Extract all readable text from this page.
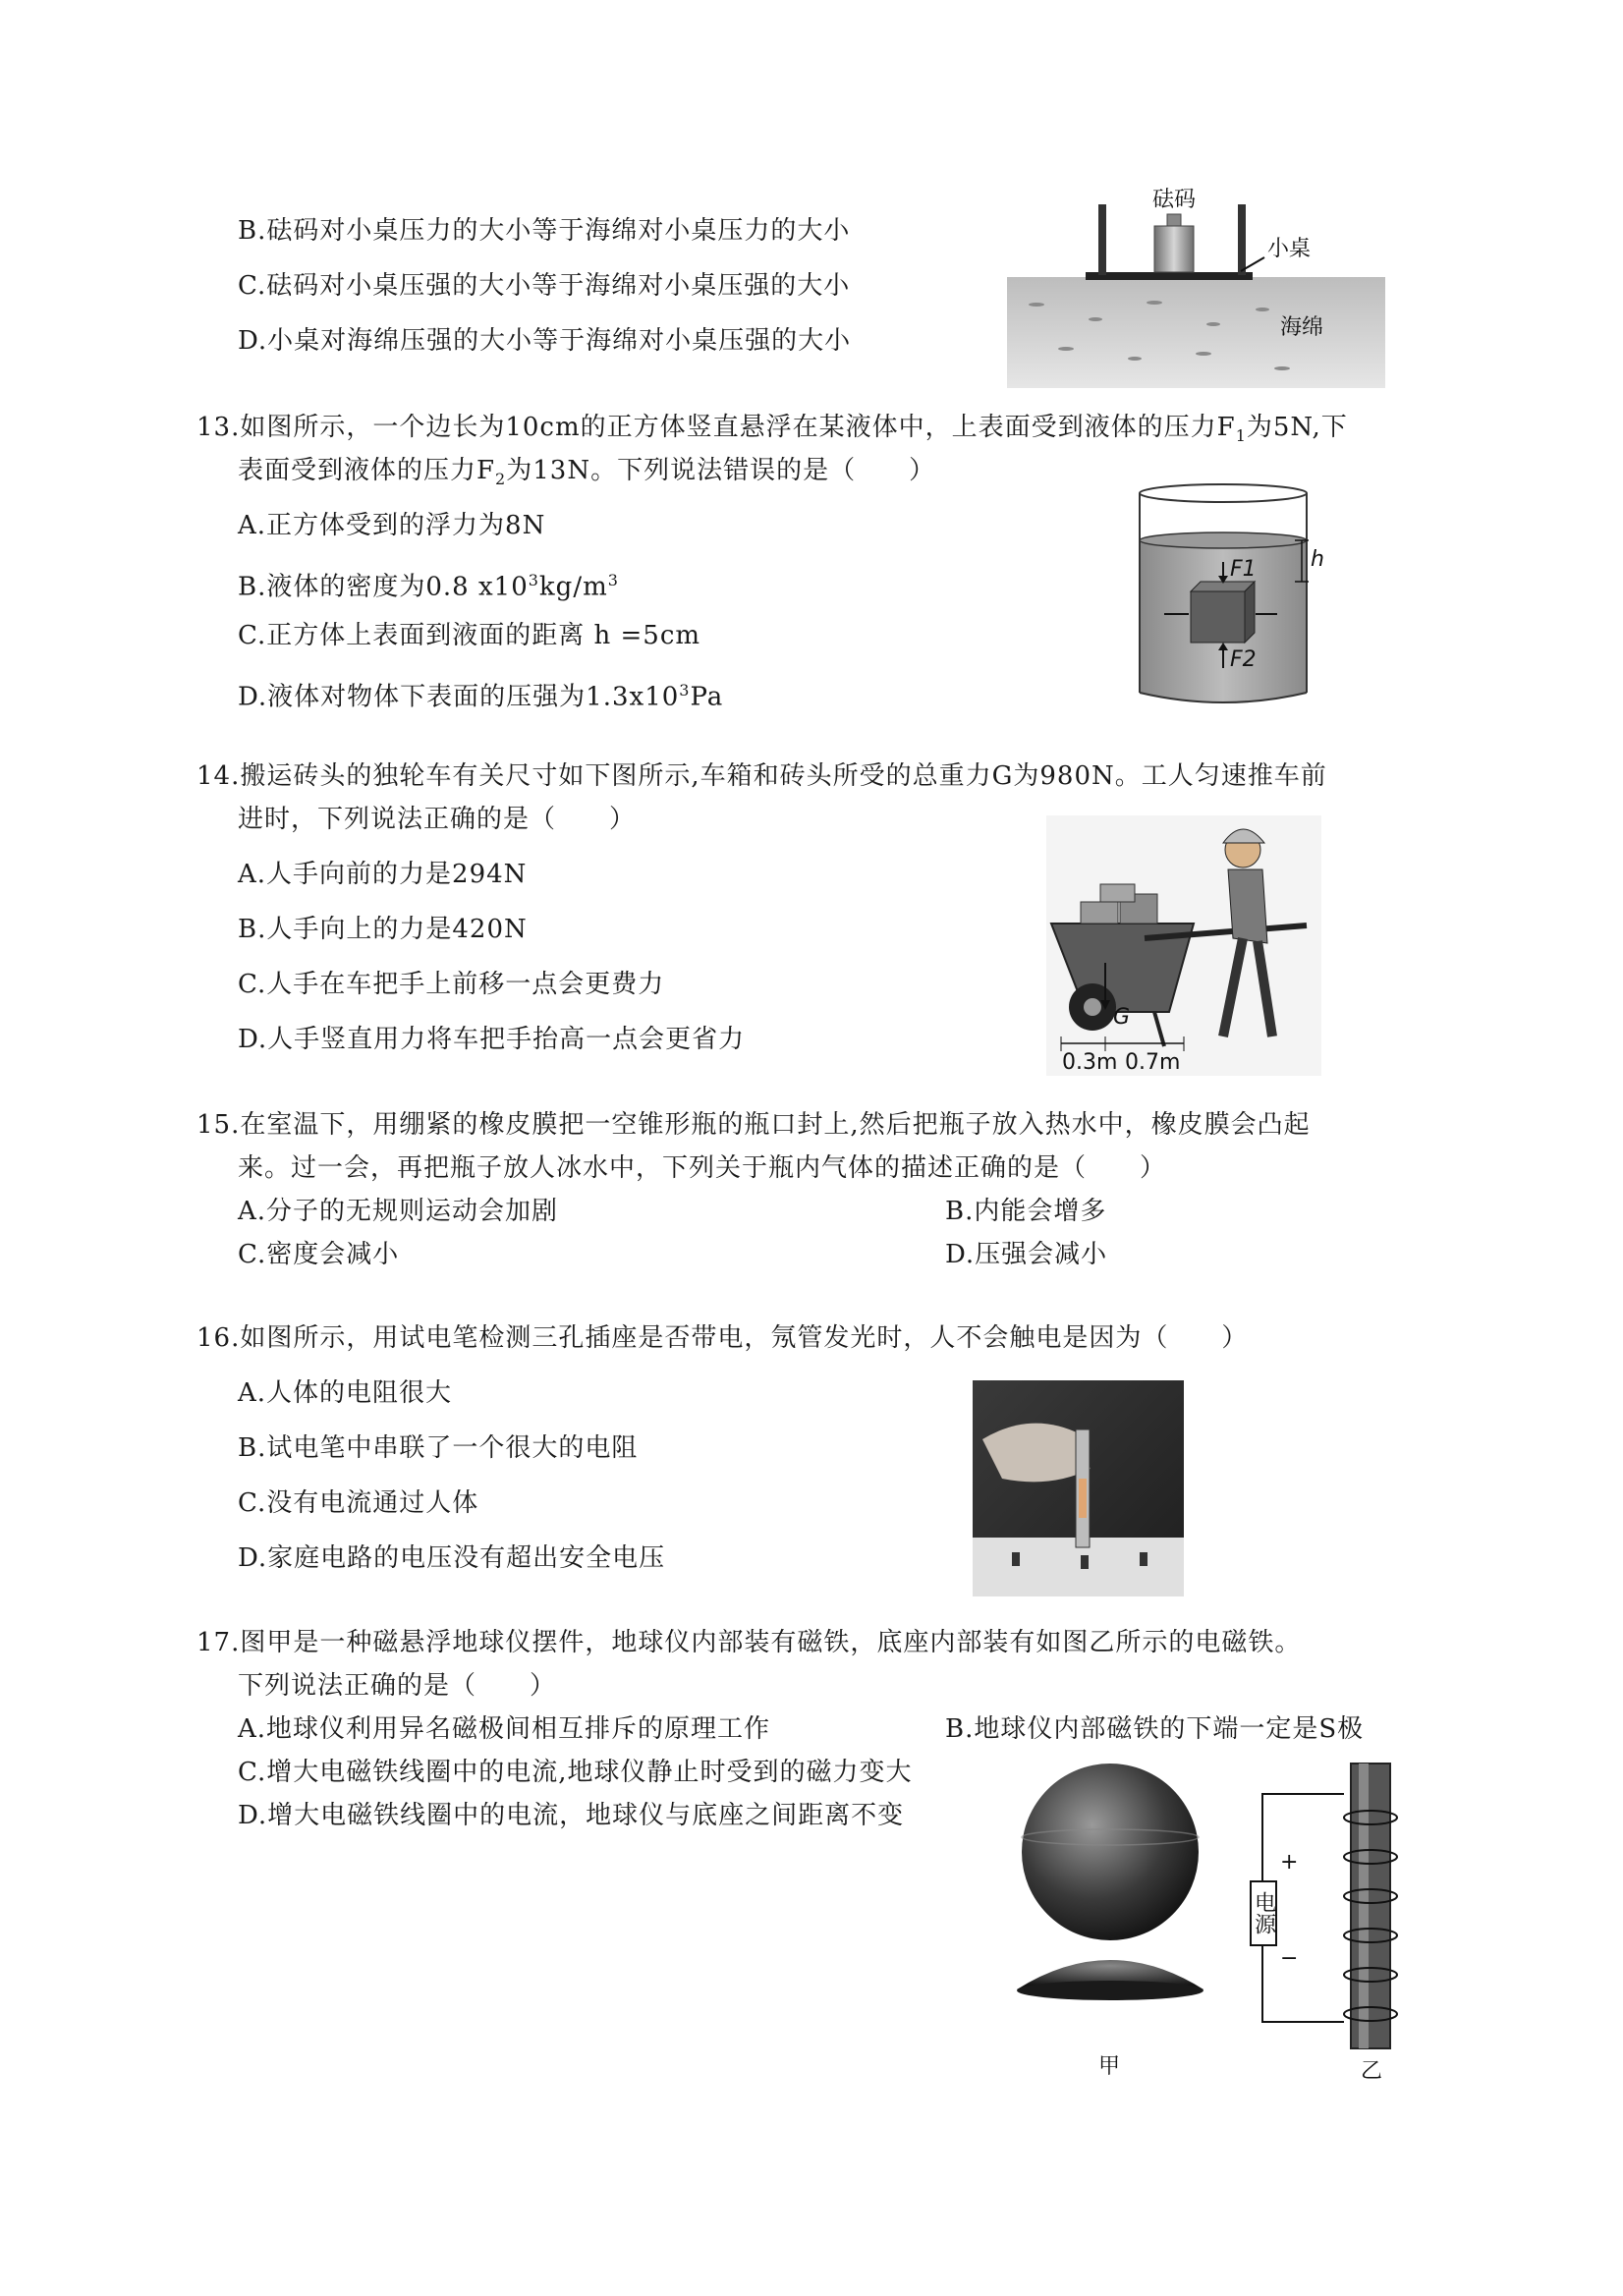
B.砝码对小桌压力的大小等于海绵对小桌压力的大小
C.砝码对小桌压强的大小等于海绵对小桌压强的大小
D.小桌对海绵压强的大小等于海绵对小桌压强的大小
砝码
小桌
海绵
13.如图所示，一个边长为10cm的正方体竖直悬浮在某液体中，上表面受到液体的压力$F_1$为5N,下
表面受到液体的压力$F_2$为13N。下列说法错误的是（　　）
A.正方体受到的浮力为8N
B.液体的密度为0.8 $x10^3kg/m^3$
C.正方体上表面到液面的距离 h =5cm
D.液体对物体下表面的压强为$1.3x10^3Pa$
F1
F2
h
14.搬运砖头的独轮车有关尺寸如下图所示,车箱和砖头所受的总重力G为980N。工人匀速推车前
进时，下列说法正确的是（　　）
A.人手向前的力是294N
B.人手向上的力是420N
C.人手在车把手上前移一点会更费力
D.人手竖直用力将车把手抬高一点会更省力
G
0.3m 0.7m
15.在室温下，用绷紧的橡皮膜把一空锥形瓶的瓶口封上,然后把瓶子放入热水中，橡皮膜会凸起
来。过一会，再把瓶子放人冰水中，下列关于瓶内气体的描述正确的是（　　）
A.分子的无规则运动会加剧	B.内能会增多
C.密度会减小	D.压强会减小
16.如图所示，用试电笔检测三孔插座是否带电，氖管发光时，人不会触电是因为（　　）
A.人体的电阻很大
B.试电笔中串联了一个很大的电阻
C.没有电流通过人体
D.家庭电路的电压没有超出安全电压
17.图甲是一种磁悬浮地球仪摆件，地球仪内部装有磁铁，底座内部装有如图乙所示的电磁铁。
下列说法正确的是（　　）
A.地球仪利用异名磁极间相互排斥的原理工作	B.地球仪内部磁铁的下端一定是S极
C.增大电磁铁线圈中的电流,地球仪静止时受到的磁力变大
D.增大电磁铁线圈中的电流，地球仪与底座之间距离不变
甲
电源
+
−
乙
